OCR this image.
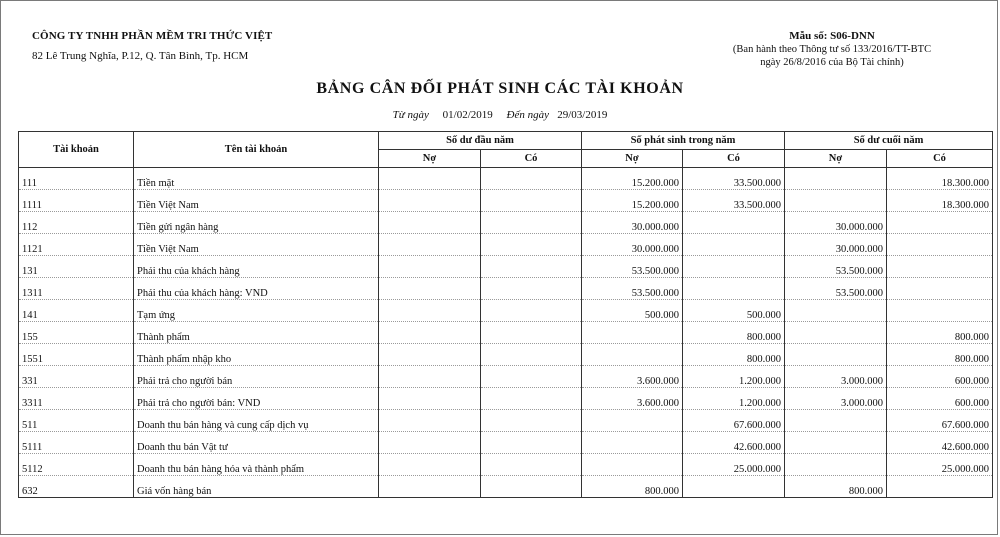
CÔNG TY TNHH PHẦN MỀM TRI THỨC VIỆT
82 Lê Trung Nghĩa, P.12, Q. Tân Bình, Tp. HCM
Mẫu số: S06-DNN
(Ban hành theo Thông tư số 133/2016/TT-BTC
ngày 26/8/2016 của Bộ Tài chính)
BẢNG CÂN ĐỐI PHÁT SINH CÁC TÀI KHOẢN
Từ ngày 01/02/2019 Đến ngày 29/03/2019
Tài khoản	Tên tài khoản	Số dư đầu năm		Số phát sinh trong năm		Số dư cuối năm	
		Nợ	Có	Nợ	Có	Nợ	Có
111	Tiền mặt			15.200.000	33.500.000		18.300.000
1111	Tiền Việt Nam			15.200.000	33.500.000		18.300.000
112	Tiền gửi ngân hàng			30.000.000		30.000.000	
1121	Tiền Việt Nam			30.000.000		30.000.000	
131	Phải thu của khách hàng			53.500.000		53.500.000	
1311	Phải thu của khách hàng: VND			53.500.000		53.500.000	
141	Tạm ứng			500.000	500.000		
155	Thành phẩm				800.000		800.000
1551	Thành phẩm nhập kho				800.000		800.000
331	Phải trả cho người bán			3.600.000	1.200.000	3.000.000	600.000
3311	Phải trả cho người bán: VND			3.600.000	1.200.000	3.000.000	600.000
511	Doanh thu bán hàng và cung cấp dịch vụ				67.600.000		67.600.000
5111	Doanh thu bán Vật tư				42.600.000		42.600.000
5112	Doanh thu bán hàng hóa và thành phẩm				25.000.000		25.000.000
632	Giá vốn hàng bán			800.000		800.000	
